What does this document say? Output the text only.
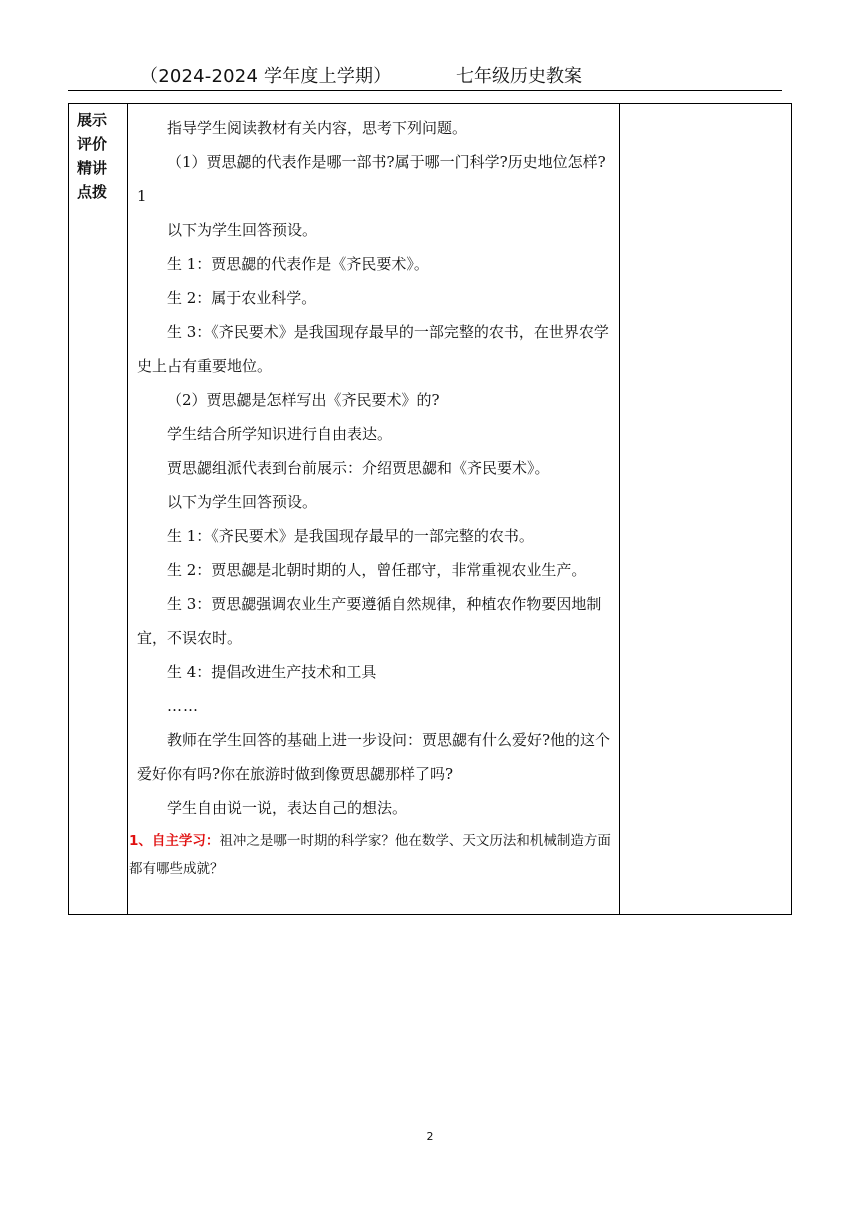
（2024-2024 学年度上学期）	七年级历史教案
展示
评价
精讲
点拨

指导学生阅读教材有关内容，思考下列问题。

（1）贾思勰的代表作是哪一部书?属于哪一门科学?历史地位怎样?1

以下为学生回答预设。

生 1：贾思勰的代表作是《齐民要术》。

生 2：属于农业科学。

生 3：《齐民要术》是我国现存最早的一部完整的农书，在世界农学史上占有重要地位。

（2）贾思勰是怎样写出《齐民要术》的?

学生结合所学知识进行自由表达。

贾思勰组派代表到台前展示：介绍贾思勰和《齐民要术》。

以下为学生回答预设。

生 1：《齐民要术》是我国现存最早的一部完整的农书。

生 2：贾思勰是北朝时期的人，曾任郡守，非常重视农业生产。

生 3：贾思勰强调农业生产要遵循自然规律，种植农作物要因地制宜，不误农时。

生 4：提倡改进生产技术和工具

……

教师在学生回答的基础上进一步设问：贾思勰有什么爱好?他的这个爱好你有吗?你在旅游时做到像贾思勰那样了吗?

学生自由说一说，表达自己的想法。

1、自主学习：祖冲之是哪一时期的科学家？他在数学、天文历法和机械制造方面都有哪些成就？

2
